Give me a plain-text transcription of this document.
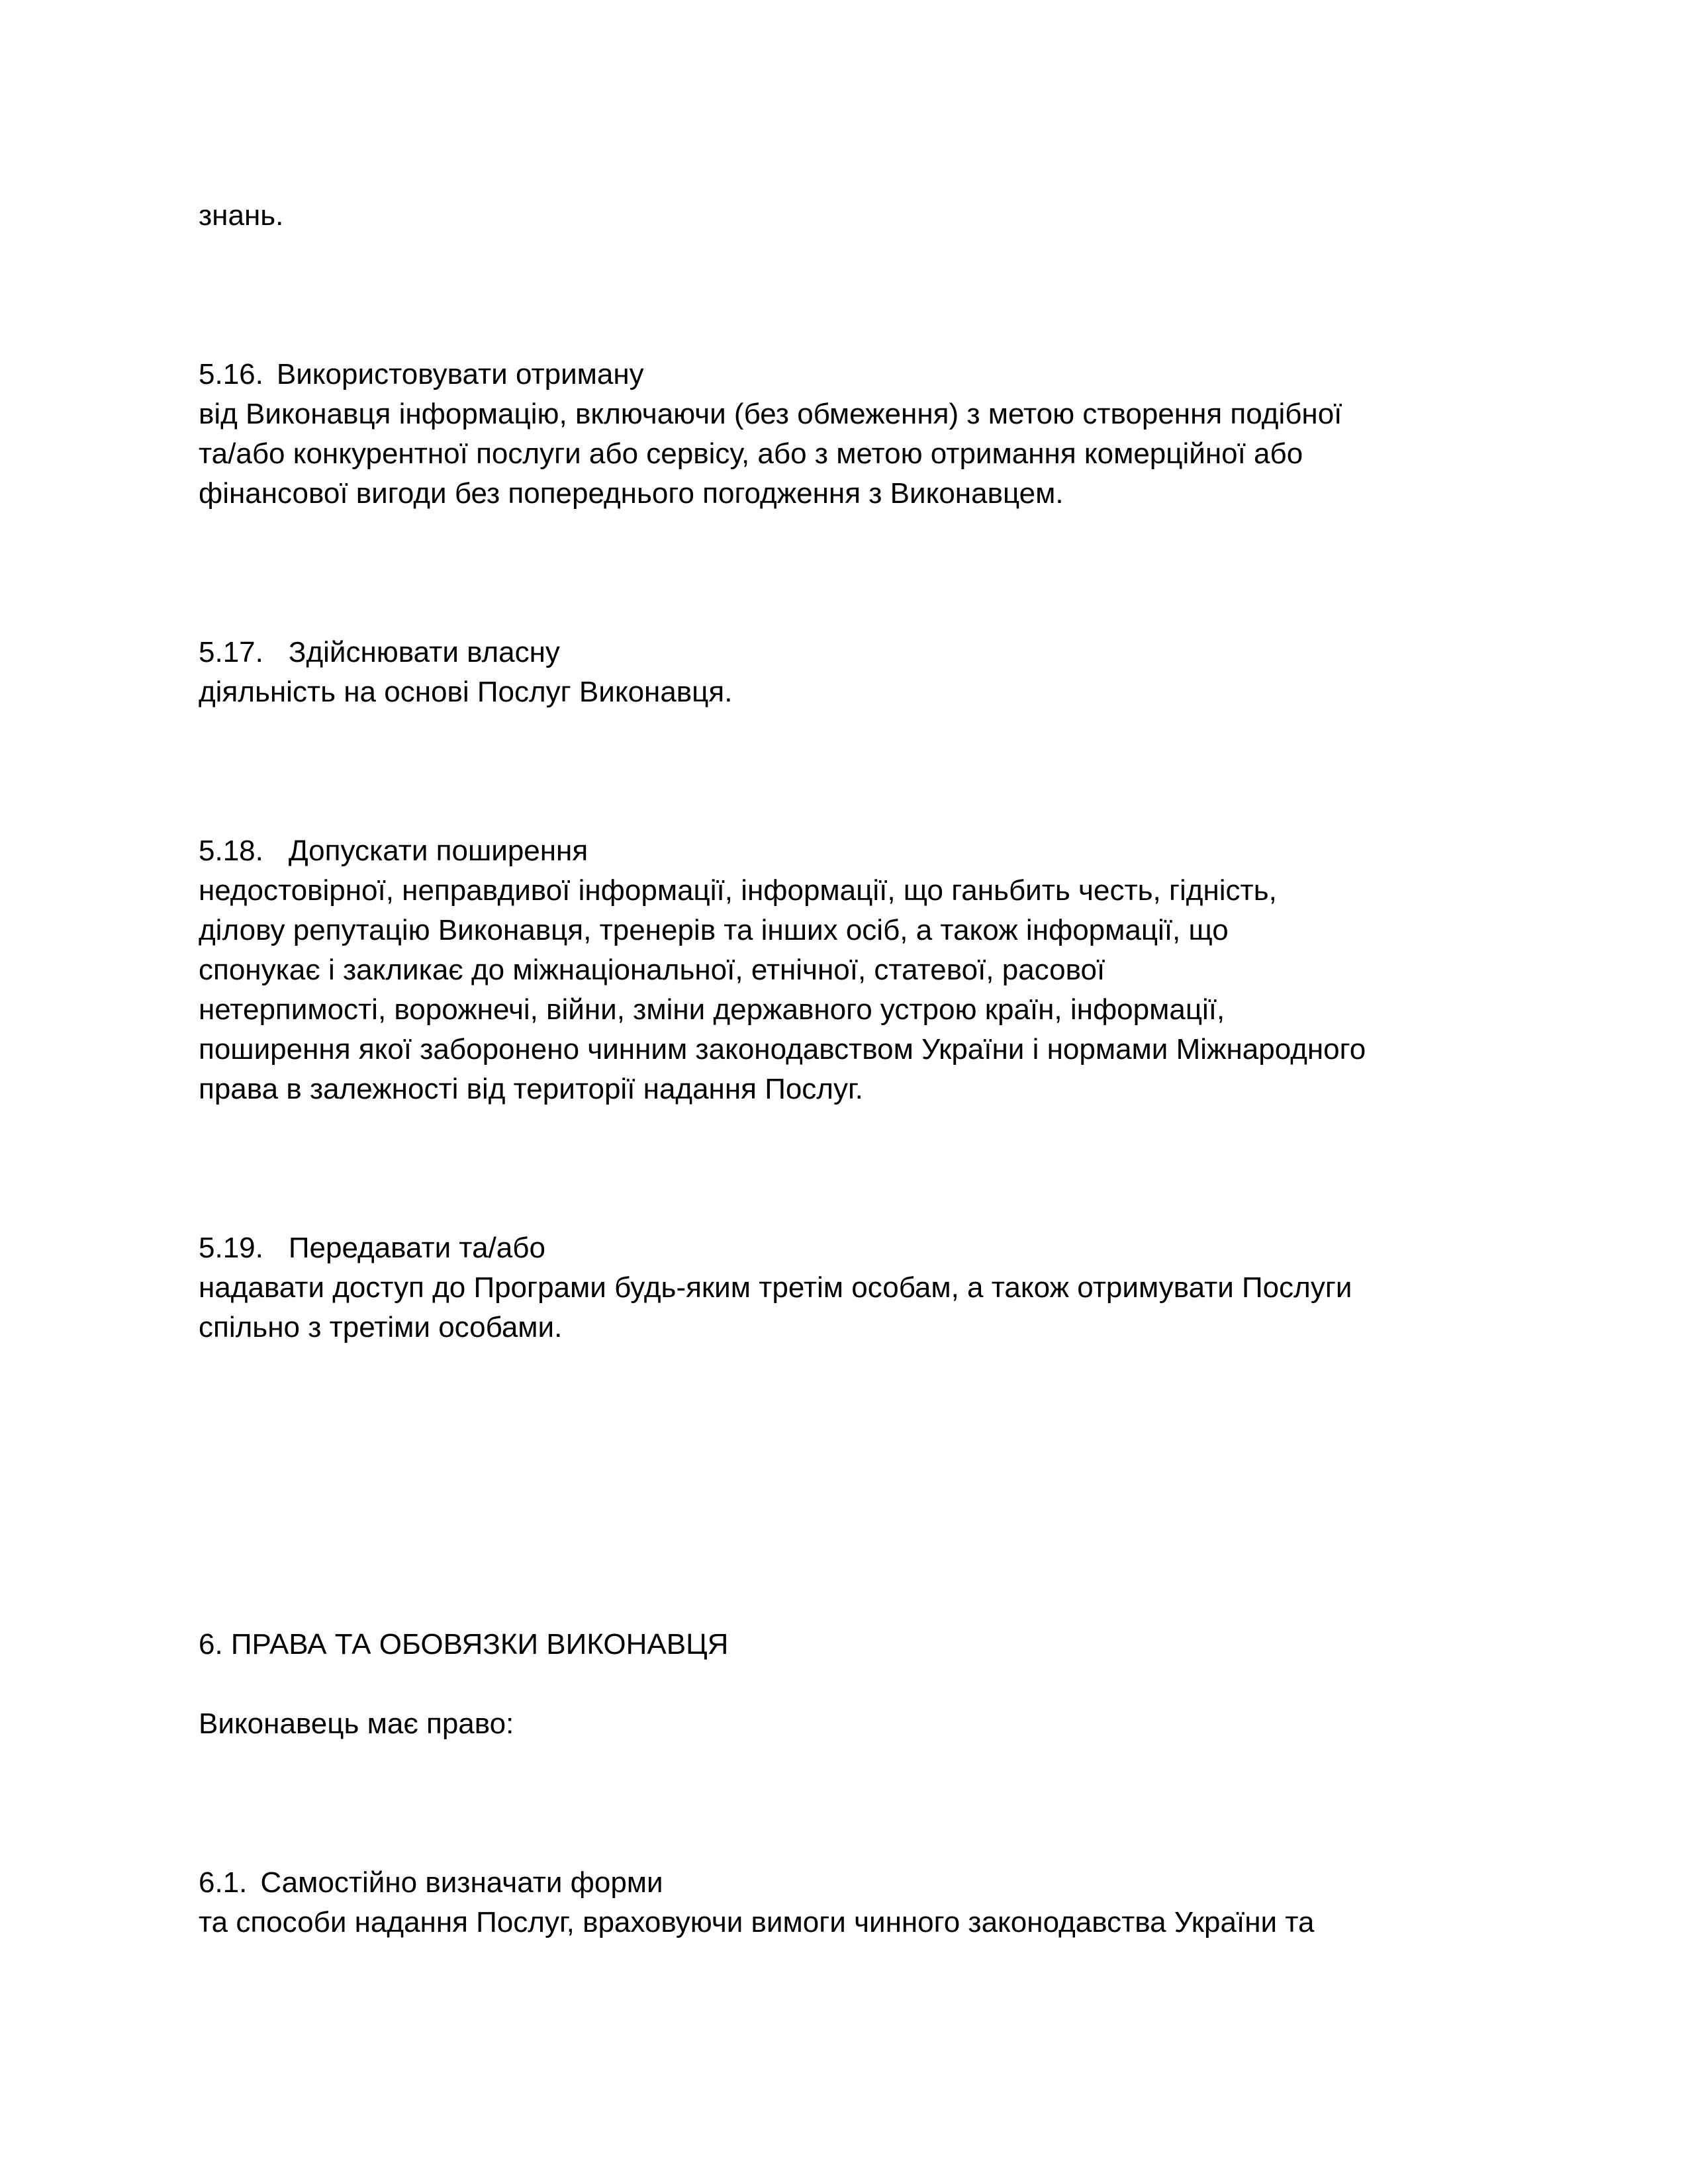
знань.
5.16. Використовувати отриману
від Виконавця інформацію, включаючи (без обмеження) з метою створення подібної
та/або конкурентної послуги або сервісу, або з метою отримання комерційної або
фінансової вигоди без попереднього погодження з Виконавцем.
5.17. Здійснювати власну
діяльність на основі Послуг Виконавця.
5.18. Допускати поширення
недостовірної, неправдивої інформації, інформації, що ганьбить честь, гідність,
ділову репутацію Виконавця, тренерів та інших осіб, а також інформації, що
спонукає і закликає до міжнаціональної, етнічної, статевої, расової
нетерпимості, ворожнечі, війни, зміни державного устрою країн, інформації,
поширення якої заборонено чинним законодавством України і нормами Міжнародного
права в залежності від території надання Послуг.
5.19. Передавати та/або
надавати доступ до Програми будь-яким третім особам, а також отримувати Послуги
спільно з третіми особами.
6. ПРАВА ТА ОБОВЯЗКИ ВИКОНАВЦЯ
Виконавець має право:
6.1. Самостійно визначати форми
та способи надання Послуг, враховуючи вимоги чинного законодавства України та
